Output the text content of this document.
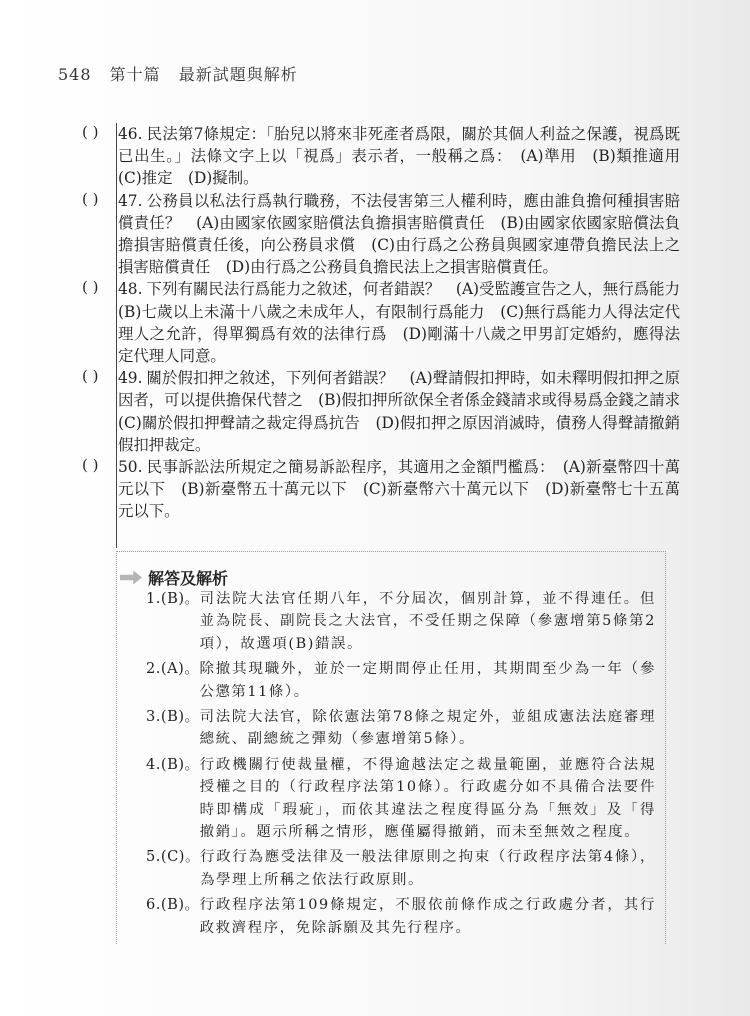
548 第十篇 最新試題與解析
( ) 46. 民法第7條規定：「胎兒以將來非死產者爲限，關於其個人利益之保護，視爲既已出生。」法條文字上以「視爲」表示者，一般稱之爲：　(A)準用　(B)類推適用　(C)推定　(D)擬制。
( ) 47. 公務員以私法行爲執行職務，不法侵害第三人權利時，應由誰負擔何種損害賠償責任？　(A)由國家依國家賠償法負擔損害賠償責任　(B)由國家依國家賠償法負擔損害賠償責任後，向公務員求償　(C)由行爲之公務員與國家連帶負擔民法上之損害賠償責任　(D)由行爲之公務員負擔民法上之損害賠償責任。
( ) 48. 下列有關民法行爲能力之敘述，何者錯誤？　(A)受監護宣告之人，無行爲能力　(B)七歲以上未滿十八歲之未成年人，有限制行爲能力　(C)無行爲能力人得法定代理人之允許，得單獨爲有效的法律行爲　(D)剛滿十八歲之甲男訂定婚約，應得法定代理人同意。
( ) 49. 關於假扣押之敘述，下列何者錯誤？　(A)聲請假扣押時，如未釋明假扣押之原因者，可以提供擔保代替之　(B)假扣押所欲保全者係金錢請求或得易爲金錢之請求　(C)關於假扣押聲請之裁定得爲抗告　(D)假扣押之原因消滅時，債務人得聲請撤銷假扣押裁定。
( ) 50. 民事訴訟法所規定之簡易訴訟程序，其適用之金額門檻爲：　(A)新臺幣四十萬元以下　(B)新臺幣五十萬元以下　(C)新臺幣六十萬元以下　(D)新臺幣七十五萬元以下。
解答及解析
1.(B)。 司法院大法官任期八年，不分屆次，個別計算，並不得連任。但並為院長、副院長之大法官，不受任期之保障（參憲增第5條第2項），故選項(B)錯誤。
2.(A)。 除撤其現職外，並於一定期間停止任用，其期間至少為一年（參公懲第11條）。
3.(B)。 司法院大法官，除依憲法第78條之規定外，並組成憲法法庭審理總統、副總統之彈劾（參憲增第5條）。
4.(B)。 行政機關行使裁量權，不得逾越法定之裁量範圍，並應符合法規授權之目的（行政程序法第10條）。行政處分如不具備合法要件時即構成「瑕疵」，而依其違法之程度得區分為「無效」及「得撤銷」。題示所稱之情形，應僅屬得撤銷，而未至無效之程度。
5.(C)。 行政行為應受法律及一般法律原則之拘束（行政程序法第4條），為學理上所稱之依法行政原則。
6.(B)。 行政程序法第109條規定，不服依前條作成之行政處分者，其行政救濟程序，免除訴願及其先行程序。
